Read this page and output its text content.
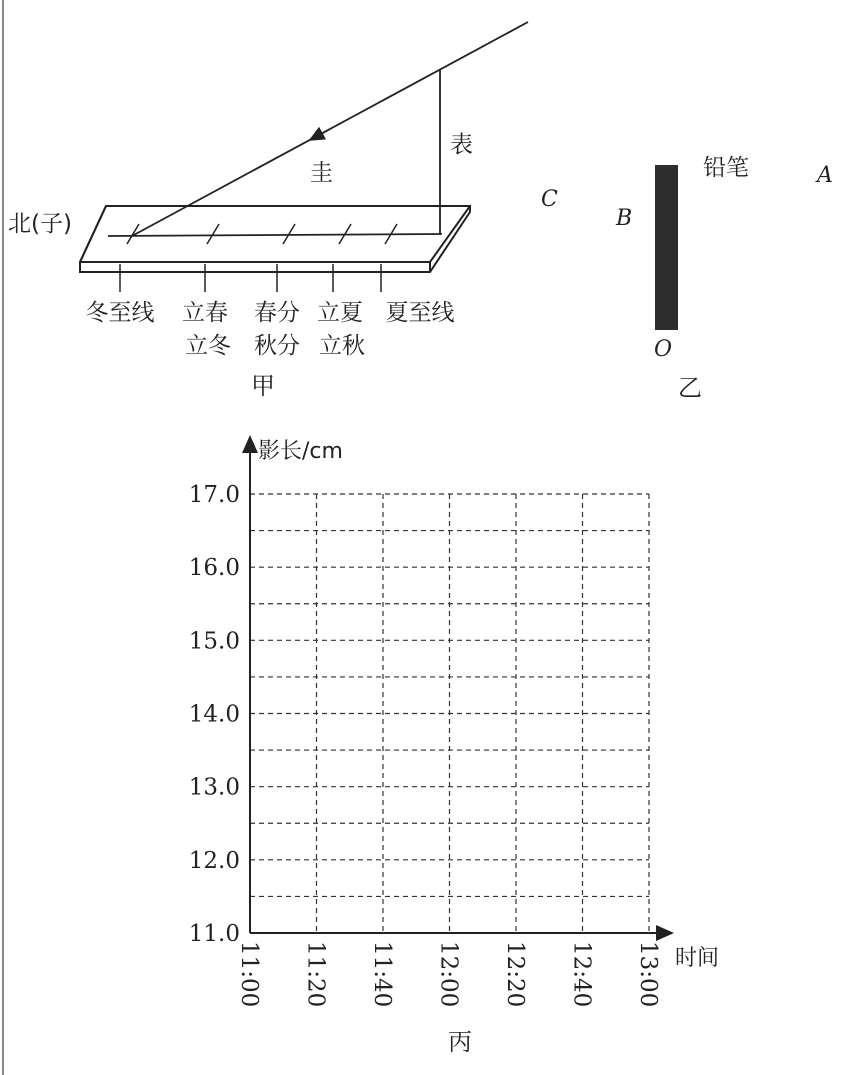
北(子)
表
圭
冬至线 立春 春分 立夏 夏至线
立冬 秋分 立秋
甲
铅笔	A
B
C
O
乙
11.0
12.0
13.0
14.0
15.0
16.0
17.0
11:00 11:20 11:40 12:00 12:20 12:40 13:00
影长/cm
时间
丙
